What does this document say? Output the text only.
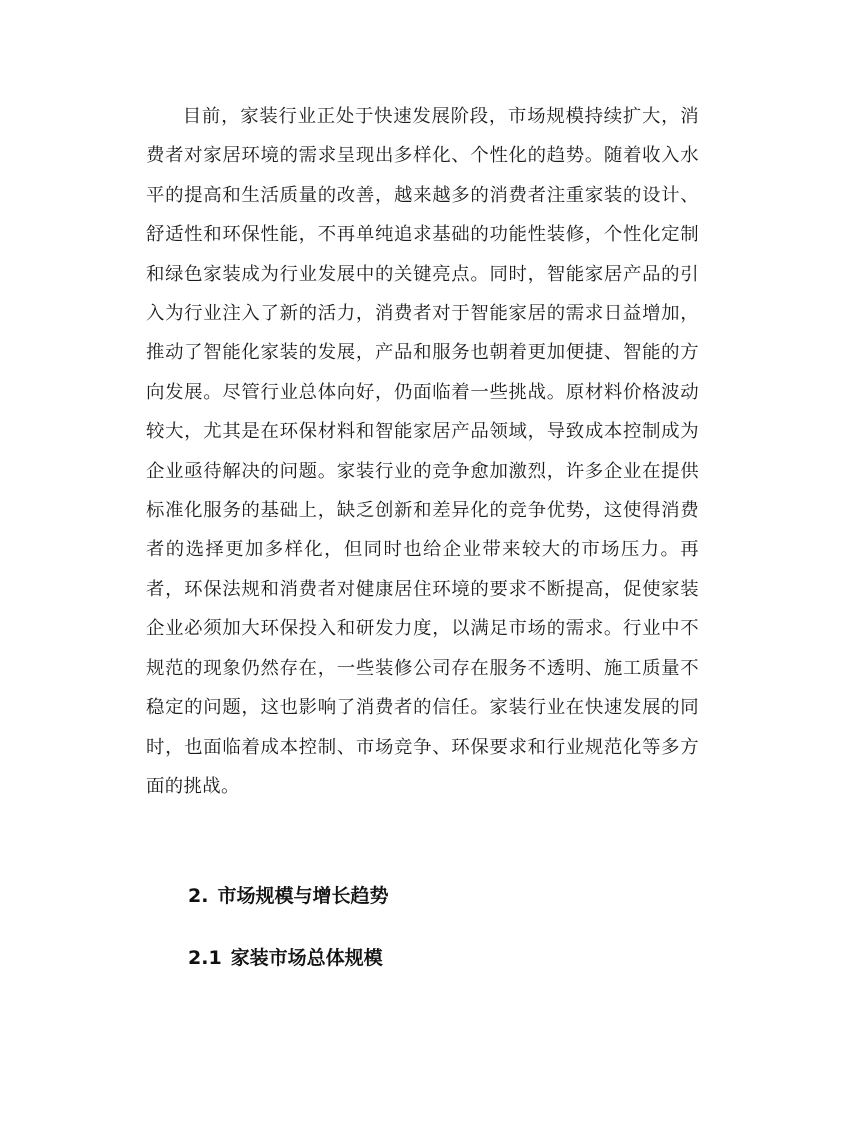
目前，家装行业正处于快速发展阶段，市场规模持续扩大，消费者对家居环境的需求呈现出多样化、个性化的趋势。随着收入水平的提高和生活质量的改善，越来越多的消费者注重家装的设计、舒适性和环保性能，不再单纯追求基础的功能性装修，个性化定制和绿色家装成为行业发展中的关键亮点。同时，智能家居产品的引入为行业注入了新的活力，消费者对于智能家居的需求日益增加，推动了智能化家装的发展，产品和服务也朝着更加便捷、智能的方向发展。尽管行业总体向好，仍面临着一些挑战。原材料价格波动较大，尤其是在环保材料和智能家居产品领域，导致成本控制成为企业亟待解决的问题。家装行业的竞争愈加激烈，许多企业在提供标准化服务的基础上，缺乏创新和差异化的竞争优势，这使得消费者的选择更加多样化，但同时也给企业带来较大的市场压力。再者，环保法规和消费者对健康居住环境的要求不断提高，促使家装企业必须加大环保投入和研发力度，以满足市场的需求。行业中不规范的现象仍然存在，一些装修公司存在服务不透明、施工质量不稳定的问题，这也影响了消费者的信任。家装行业在快速发展的同时，也面临着成本控制、市场竞争、环保要求和行业规范化等多方面的挑战。

2. 市场规模与增长趋势
2.1 家装市场总体规模
